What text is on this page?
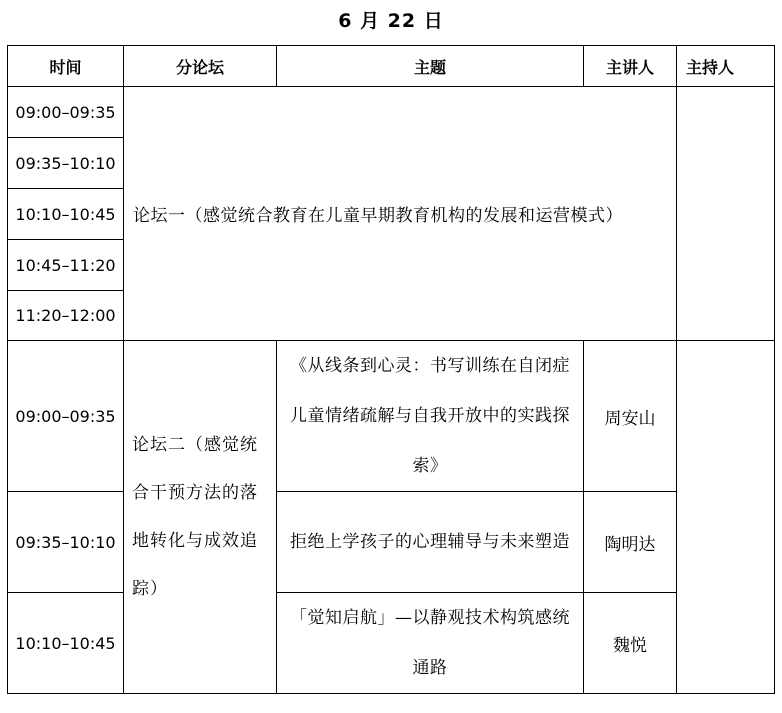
6 月 22 日
时间	分论坛	主题	主讲人	主持人
09:00–09:35	论坛一（感觉统合教育在儿童早期教育机构的发展和运营模式）			
09:35–10:10				
10:10–10:45				
10:45–11:20				
11:20–12:00				
09:00–09:35	论坛二（感觉统合干预方法的落地转化与成效追踪）	《从线条到心灵：书写训练在自闭症儿童情绪疏解与自我开放中的实践探索》	周安山	
09:35–10:10		拒绝上学孩子的心理辅导与未来塑造	陶明达	
10:10–10:45		「觉知启航」—以静观技术构筑感统通路	魏悦	
